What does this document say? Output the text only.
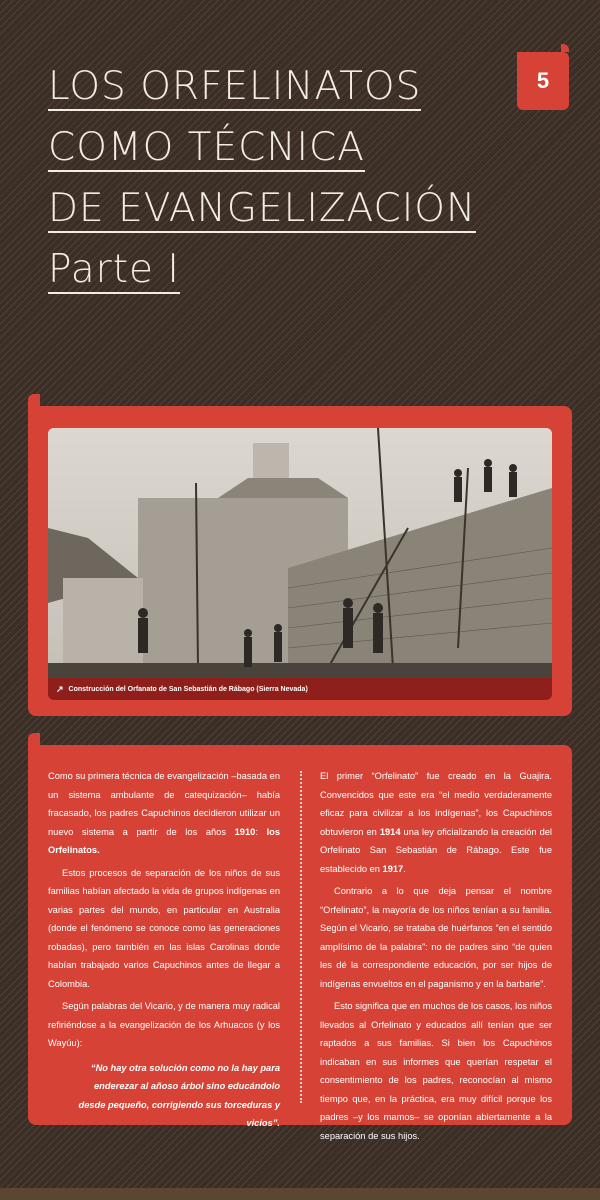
5
LOS ORFELINATOS
COMO TÉCNICA
DE EVANGELIZACIÓN
Parte I
↗ Construcción del Orfanato de San Sebastián de Rábago (Sierra Nevada)

Como su primera técnica de evangelización –basada en un sistema ambulante de catequización– había fracasado, los padres Capuchinos decidieron utilizar un nuevo sistema a partir de los años 1910: los Orfelinatos.

Estos procesos de separación de los niños de sus familias habían afectado la vida de grupos indígenas en varias partes del mundo, en particular en Australia (donde el fenómeno se conoce como las generaciones robadas), pero también en las islas Carolinas donde habían trabajado varios Capuchinos antes de llegar a Colombia.

Según palabras del Vicario, y de manera muy radical refiriéndose a la evangelización de los Arhuacos (y los Wayúu):

“No hay otra solución como no la hay para enderezar al añoso árbol sino educándolo desde pequeño, corrigiendo sus torceduras y vicios”.

El primer “Orfelinato” fue creado en la Guajira. Convencidos que este era “el medio verdaderamente eficaz para civilizar a los indígenas”, los Capuchinos obtuvieron en 1914 una ley oficializando la creación del Orfelinato San Sebastián de Rábago. Este fue establecido en 1917.

Contrario a lo que deja pensar el nombre “Orfelinato”, la mayoría de los niños tenían a su familia. Según el Vicario, se trataba de huérfanos “en el sentido amplísimo de la palabra”: no de padres sino “de quien les dé la correspondiente educación, por ser hijos de indígenas envueltos en el paganismo y en la barbarie”.

Esto significa que en muchos de los casos, los niños llevados al Orfelinato y educados allí tenían que ser raptados a sus familias. Si bien los Capuchinos indicaban en sus informes que querían respetar el consentimiento de los padres, reconocían al mismo tiempo que, en la práctica, era muy difícil porque los padres –y los mamos– se oponían abiertamente a la separación de sus hijos.
